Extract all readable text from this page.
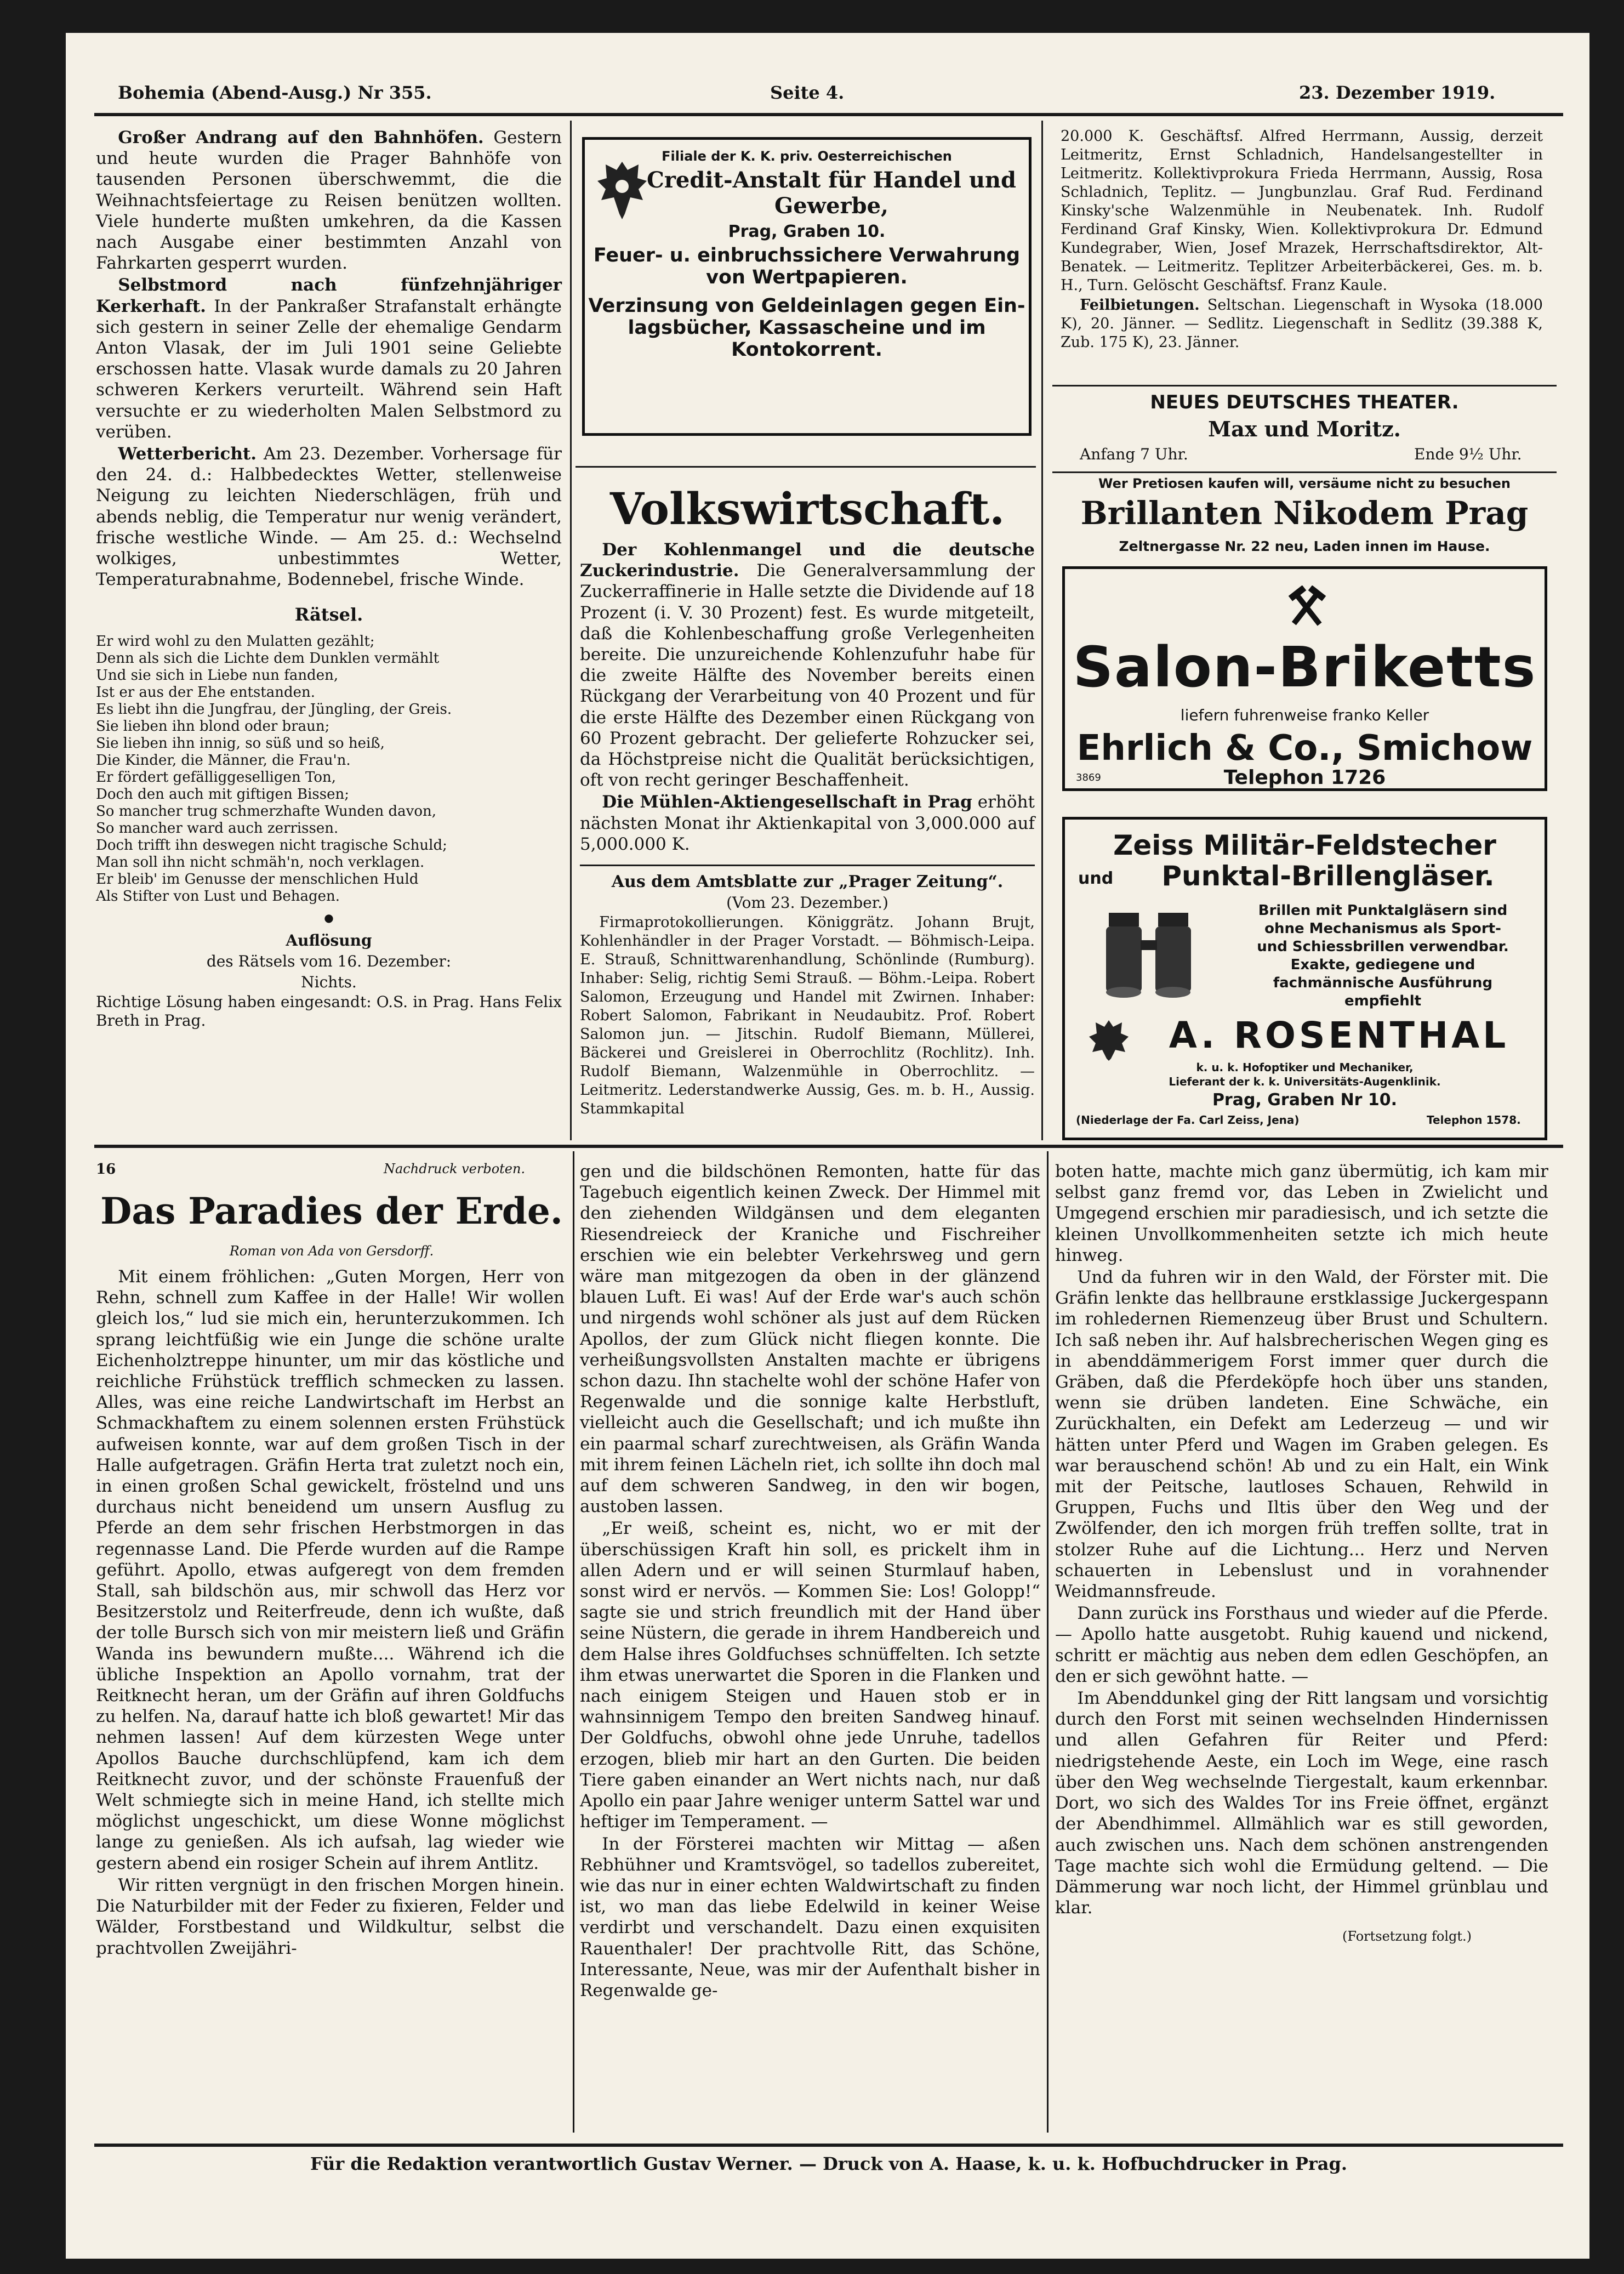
Bohemia (Abend-Ausg.) Nr 355.	Seite 4.	23. Dezember 1919.

Großer Andrang auf den Bahnhöfen. Gestern und heute wurden die Prager Bahnhöfe von tausenden Personen überschwemmt, die die Weihnachtsfeiertage zu Reisen benützen wollten. Viele hunderte mußten umkehren, da die Kassen nach Ausgabe einer bestimmten Anzahl von Fahrkarten gesperrt wurden.

Selbstmord nach fünfzehnjähriger Kerkerhaft. In der Pankraßer Strafanstalt erhängte sich gestern in seiner Zelle der ehemalige Gendarm Anton Vlasak, der im Juli 1901 seine Geliebte erschossen hatte. Vlasak wurde damals zu 20 Jahren schweren Kerkers verurteilt. Während sein Haft versuchte er zu wiederholten Malen Selbstmord zu verüben.

Wetterbericht. Am 23. Dezember. Vorhersage für den 24. d.: Halbbedecktes Wetter, stellenweise Neigung zu leichten Niederschlägen, früh und abends neblig, die Temperatur nur wenig verändert, frische westliche Winde. — Am 25. d.: Wechselnd wolkiges, unbestimmtes Wetter, Temperaturabnahme, Bodennebel, frische Winde.

Rätsel.
Er wird wohl zu den Mulatten gezählt;
Denn als sich die Lichte dem Dunklen vermählt
Und sie sich in Liebe nun fanden,
Ist er aus der Ehe entstanden.
Es liebt ihn die Jungfrau, der Jüngling, der Greis.
Sie lieben ihn blond oder braun;
Sie lieben ihn innig, so süß und so heiß,
Die Kinder, die Männer, die Frau'n.
Er fördert gefälliggeselligen Ton,
Doch den auch mit giftigen Bissen;
So mancher trug schmerzhafte Wunden davon,
So mancher ward auch zerrissen.
Doch trifft ihn deswegen nicht tragische Schuld;
Man soll ihn nicht schmäh'n, noch verklagen.
Er bleib' im Genusse der menschlichen Huld
Als Stifter von Lust und Behagen.
●
Auflösung
des Rätsels vom 16. Dezember:
Nichts.

Richtige Lösung haben eingesandt: O.S. in Prag. Hans Felix Breth in Prag.

Filiale der K. K. priv. Oesterreichischen
Credit-Anstalt für Handel und Gewerbe,
Prag, Graben 10.
Feuer- u. einbruchssichere Verwahrung
von Wertpapieren.
Verzinsung von Geldeinlagen gegen Ein-
lagsbücher, Kassascheine und im
Kontokorrent.
Volkswirtschaft.

Der Kohlenmangel und die deutsche Zuckerindustrie. Die Generalversammlung der Zuckerraffinerie in Halle setzte die Dividende auf 18 Prozent (i. V. 30 Prozent) fest. Es wurde mitgeteilt, daß die Kohlenbeschaffung große Verlegenheiten bereite. Die unzureichende Kohlenzufuhr habe für die zweite Hälfte des November bereits einen Rückgang der Verarbeitung von 40 Prozent und für die erste Hälfte des Dezember einen Rückgang von 60 Prozent gebracht. Der gelieferte Rohzucker sei, da Höchstpreise nicht die Qualität berücksichtigen, oft von recht geringer Beschaffenheit.

Die Mühlen-Aktiengesellschaft in Prag erhöht nächsten Monat ihr Aktienkapital von 3,000.000 auf 5,000.000 K.

Aus dem Amtsblatte zur „Prager Zeitung“.
(Vom 23. Dezember.)

Firmaprotokollierungen. Königgrätz. Johann Brujt, Kohlenhändler in der Prager Vorstadt. — Böhmisch-Leipa. E. Strauß, Schnittwarenhandlung, Schönlinde (Rumburg). Inhaber: Selig, richtig Semi Strauß. — Böhm.-Leipa. Robert Salomon, Erzeugung und Handel mit Zwirnen. Inhaber: Robert Salomon, Fabrikant in Neudaubitz. Prof. Robert Salomon jun. — Jitschin. Rudolf Biemann, Müllerei, Bäckerei und Greislerei in Oberrochlitz (Rochlitz). Inh. Rudolf Biemann, Walzenmühle in Oberrochlitz. — Leitmeritz. Lederstandwerke Aussig, Ges. m. b. H., Aussig. Stammkapital

20.000 K. Geschäftsf. Alfred Herrmann, Aussig, derzeit Leitmeritz, Ernst Schladnich, Handelsangestellter in Leitmeritz. Kollektivprokura Frieda Herrmann, Aussig, Rosa Schladnich, Teplitz. — Jungbunzlau. Graf Rud. Ferdinand Kinsky'sche Walzenmühle in Neubenatek. Inh. Rudolf Ferdinand Graf Kinsky, Wien. Kollektivprokura Dr. Edmund Kundegraber, Wien, Josef Mrazek, Herrschaftsdirektor, Alt-Benatek. — Leitmeritz. Teplitzer Arbeiterbäckerei, Ges. m. b. H., Turn. Gelöscht Geschäftsf. Franz Kaule.

Feilbietungen. Seltschan. Liegenschaft in Wysoka (18.000 K), 20. Jänner. — Sedlitz. Liegenschaft in Sedlitz (39.388 K, Zub. 175 K), 23. Jänner.

NEUES DEUTSCHES THEATER.
Max und Moritz.
Anfang 7 Uhr.	Ende 9½ Uhr.
Wer Pretiosen kaufen will, versäume nicht zu besuchen
Brillanten Nikodem Prag
Zeltnergasse Nr. 22 neu, Laden innen im Hause.
Salon-Briketts
liefern fuhrenweise franko Keller
Ehrlich & Co., Smichow
3869	Telephon 1726
Zeiss Militär-Feldstecher
und	Punktal-Brillengläser.
Brillen mit Punktalgläsern sind
ohne Mechanismus als Sport-
und Schiessbrillen verwendbar.
Exakte, gediegene und
fachmännische Ausführung
empfiehlt
A. ROSENTHAL
k. u. k. Hofoptiker und Mechaniker,
Lieferant der k. k. Universitäts-Augenklinik.
Prag, Graben Nr 10.
(Niederlage der Fa. Carl Zeiss, Jena)	Telephon 1578.
16	Nachdruck verboten.
Das Paradies der Erde.
Roman von Ada von Gersdorff.

Mit einem fröhlichen: „Guten Morgen, Herr von Rehn, schnell zum Kaffee in der Halle! Wir wollen gleich los,“ lud sie mich ein, herunterzukommen. Ich sprang leichtfüßig wie ein Junge die schöne uralte Eichenholztreppe hinunter, um mir das köstliche und reichliche Frühstück trefflich schmecken zu lassen. Alles, was eine reiche Landwirtschaft im Herbst an Schmackhaftem zu einem solennen ersten Frühstück aufweisen konnte, war auf dem großen Tisch in der Halle aufgetragen. Gräfin Herta trat zuletzt noch ein, in einen großen Schal gewickelt, fröstelnd und uns durchaus nicht beneidend um unsern Ausflug zu Pferde an dem sehr frischen Herbstmorgen in das regennasse Land. Die Pferde wurden auf die Rampe geführt. Apollo, etwas aufgeregt von dem fremden Stall, sah bildschön aus, mir schwoll das Herz vor Besitzerstolz und Reiterfreude, denn ich wußte, daß der tolle Bursch sich von mir meistern ließ und Gräfin Wanda ins bewundern mußte.... Während ich die übliche Inspektion an Apollo vornahm, trat der Reitknecht heran, um der Gräfin auf ihren Goldfuchs zu helfen. Na, darauf hatte ich bloß gewartet! Mir das nehmen lassen! Auf dem kürzesten Wege unter Apollos Bauche durchschlüpfend, kam ich dem Reitknecht zuvor, und der schönste Frauenfuß der Welt schmiegte sich in meine Hand, ich stellte mich möglichst ungeschickt, um diese Wonne möglichst lange zu genießen. Als ich aufsah, lag wieder wie gestern abend ein rosiger Schein auf ihrem Antlitz.

Wir ritten vergnügt in den frischen Morgen hinein. Die Naturbilder mit der Feder zu fixieren, Felder und Wälder, Forstbestand und Wildkultur, selbst die prachtvollen Zweijähri-

gen und die bildschönen Remonten, hatte für das Tagebuch eigentlich keinen Zweck. Der Himmel mit den ziehenden Wildgänsen und dem eleganten Riesendreieck der Kraniche und Fischreiher erschien wie ein belebter Verkehrsweg und gern wäre man mitgezogen da oben in der glänzend blauen Luft. Ei was! Auf der Erde war's auch schön und nirgends wohl schöner als just auf dem Rücken Apollos, der zum Glück nicht fliegen konnte. Die verheißungsvollsten Anstalten machte er übrigens schon dazu. Ihn stachelte wohl der schöne Hafer von Regenwalde und die sonnige kalte Herbstluft, vielleicht auch die Gesellschaft; und ich mußte ihn ein paarmal scharf zurechtweisen, als Gräfin Wanda mit ihrem feinen Lächeln riet, ich sollte ihn doch mal auf dem schweren Sandweg, in den wir bogen, austoben lassen.

„Er weiß, scheint es, nicht, wo er mit der überschüssigen Kraft hin soll, es prickelt ihm in allen Adern und er will seinen Sturmlauf haben, sonst wird er nervös. — Kommen Sie: Los! Golopp!“ sagte sie und strich freundlich mit der Hand über seine Nüstern, die gerade in ihrem Handbereich und dem Halse ihres Goldfuchses schnüffelten. Ich setzte ihm etwas unerwartet die Sporen in die Flanken und nach einigem Steigen und Hauen stob er in wahnsinnigem Tempo den breiten Sandweg hinauf. Der Goldfuchs, obwohl ohne jede Unruhe, tadellos erzogen, blieb mir hart an den Gurten. Die beiden Tiere gaben einander an Wert nichts nach, nur daß Apollo ein paar Jahre weniger unterm Sattel war und heftiger im Temperament. —

In der Försterei machten wir Mittag — aßen Rebhühner und Kramtsvögel, so tadellos zubereitet, wie das nur in einer echten Waldwirtschaft zu finden ist, wo man das liebe Edelwild in keiner Weise verdirbt und verschandelt. Dazu einen exquisiten Rauenthaler! Der prachtvolle Ritt, das Schöne, Interessante, Neue, was mir der Aufenthalt bisher in Regenwalde ge-

boten hatte, machte mich ganz übermütig, ich kam mir selbst ganz fremd vor, das Leben in Zwielicht und Umgegend erschien mir paradiesisch, und ich setzte die kleinen Unvollkommenheiten setzte ich mich heute hinweg.

Und da fuhren wir in den Wald, der Förster mit. Die Gräfin lenkte das hellbraune erstklassige Juckergespann im rohledernen Riemenzeug über Brust und Schultern. Ich saß neben ihr. Auf halsbrecherischen Wegen ging es in abenddämmerigem Forst immer quer durch die Gräben, daß die Pferdeköpfe hoch über uns standen, wenn sie drüben landeten. Eine Schwäche, ein Zurückhalten, ein Defekt am Lederzeug — und wir hätten unter Pferd und Wagen im Graben gelegen. Es war berauschend schön! Ab und zu ein Halt, ein Wink mit der Peitsche, lautloses Schauen, Rehwild in Gruppen, Fuchs und Iltis über den Weg und der Zwölfender, den ich morgen früh treffen sollte, trat in stolzer Ruhe auf die Lichtung... Herz und Nerven schauerten in Lebenslust und in vorahnender Weidmannsfreude.

Dann zurück ins Forsthaus und wieder auf die Pferde. — Apollo hatte ausgetobt. Ruhig kauend und nickend, schritt er mächtig aus neben dem edlen Geschöpfen, an den er sich gewöhnt hatte. —

Im Abenddunkel ging der Ritt langsam und vorsichtig durch den Forst mit seinen wechselnden Hindernissen und allen Gefahren für Reiter und Pferd: niedrigstehende Aeste, ein Loch im Wege, eine rasch über den Weg wechselnde Tiergestalt, kaum erkennbar. Dort, wo sich des Waldes Tor ins Freie öffnet, ergänzt der Abendhimmel. Allmählich war es still geworden, auch zwischen uns. Nach dem schönen anstrengenden Tage machte sich wohl die Ermüdung geltend. — Die Dämmerung war noch licht, der Himmel grünblau und klar.

(Fortsetzung folgt.)
Für die Redaktion verantwortlich Gustav Werner. — Druck von A. Haase, k. u. k. Hofbuchdrucker in Prag.
